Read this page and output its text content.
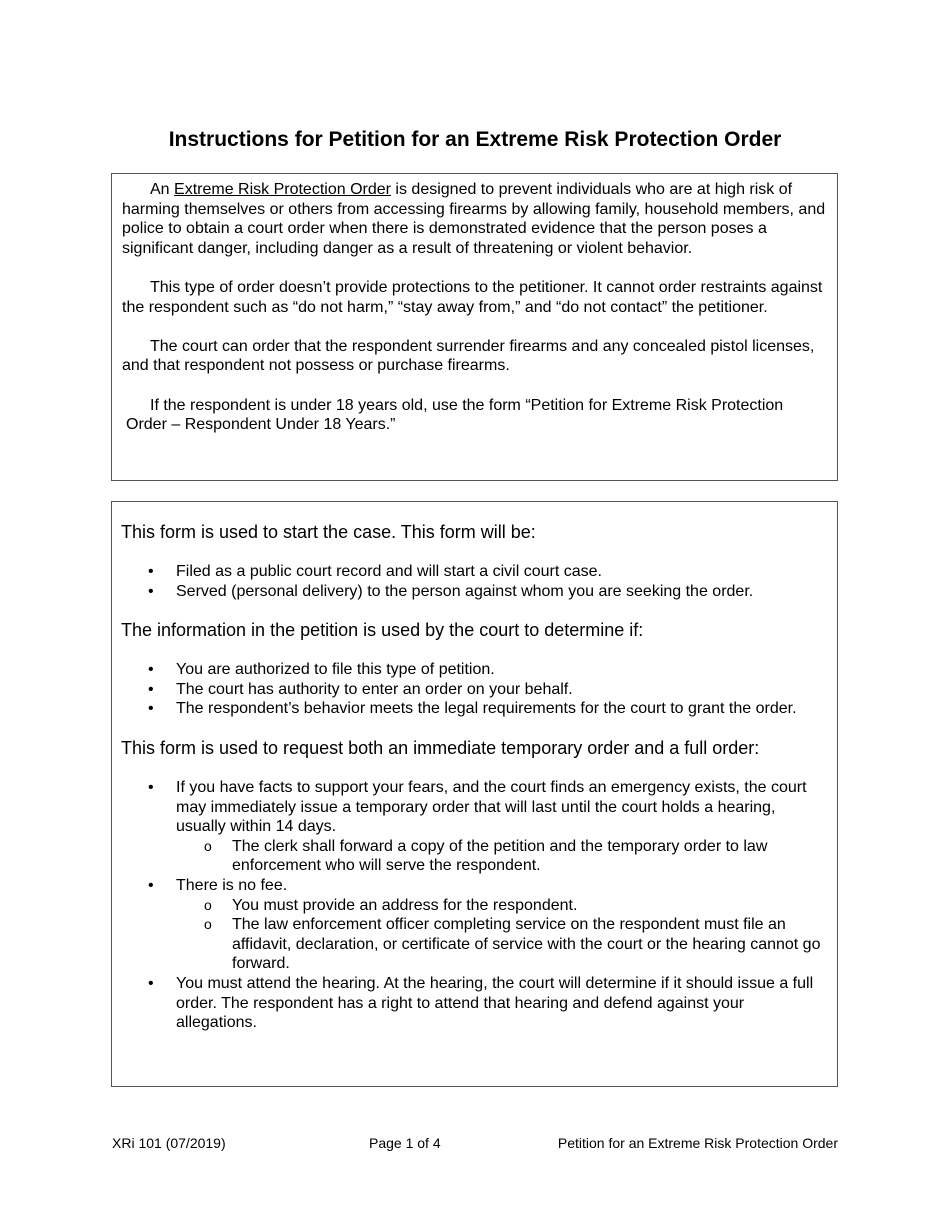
Instructions for Petition for an Extreme Risk Protection Order

An Extreme Risk Protection Order is designed to prevent individuals who are at high risk of harming themselves or others from accessing firearms by allowing family, household members, and police to obtain a court order when there is demonstrated evidence that the person poses a significant danger, including danger as a result of threatening or violent behavior.

This type of order doesn’t provide protections to the petitioner. It cannot order restraints against the respondent such as “do not harm,” “stay away from,” and “do not contact” the petitioner.

The court can order that the respondent surrender firearms and any concealed pistol licenses, and that respondent not possess or purchase firearms.

If the respondent is under 18 years old, use the form “Petition for Extreme Risk Protection Order – Respondent Under 18 Years.”

This form is used to start the case. This form will be:
• Filed as a public court record and will start a civil court case.
• Served (personal delivery) to the person against whom you are seeking the order.
The information in the petition is used by the court to determine if:
• You are authorized to file this type of petition.
• The court has authority to enter an order on your behalf.
• The respondent’s behavior meets the legal requirements for the court to grant the order.
This form is used to request both an immediate temporary order and a full order:
• If you have facts to support your fears, and the court finds an emergency exists, the court may immediately issue a temporary order that will last until the court holds a hearing, usually within 14 days.
o The clerk shall forward a copy of the petition and the temporary order to law enforcement who will serve the respondent.
• There is no fee.
o You must provide an address for the respondent.
o The law enforcement officer completing service on the respondent must file an affidavit, declaration, or certificate of service with the court or the hearing cannot go forward.
• You must attend the hearing. At the hearing, the court will determine if it should issue a full order. The respondent has a right to attend that hearing and defend against your allegations.
XRi 101 (07/2019)	Page 1 of 4	Petition for an Extreme Risk Protection Order
